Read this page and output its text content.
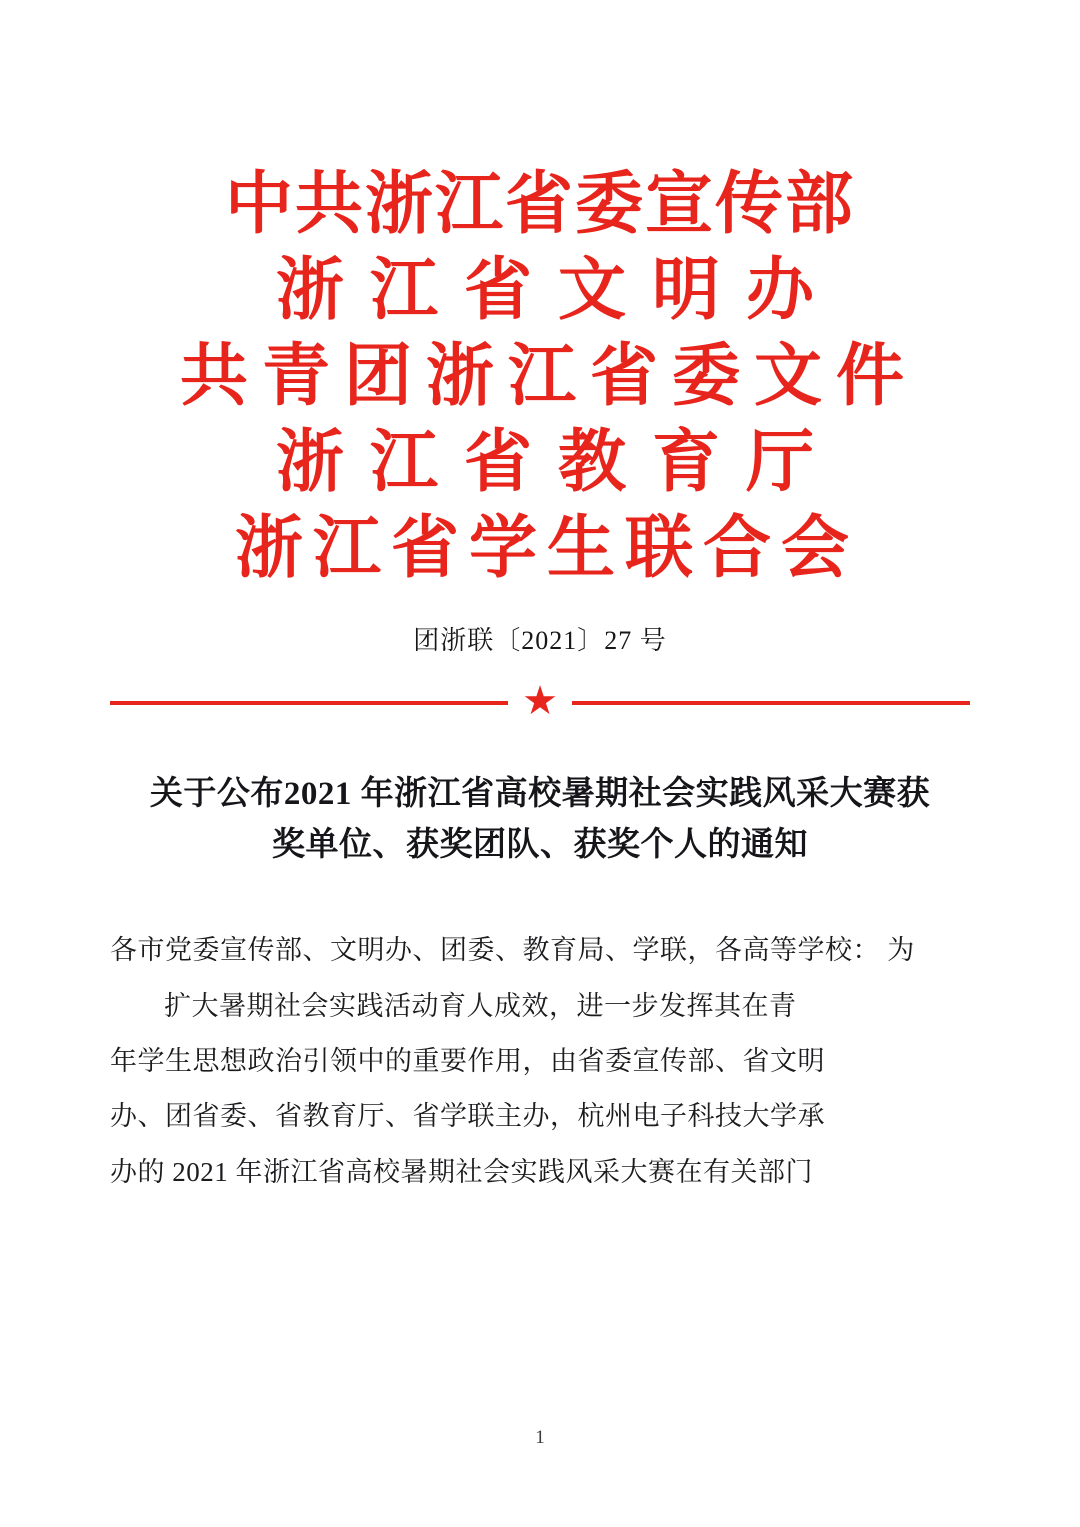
中共浙江省委宣传部
浙江省文明办
共青团浙江省委文件
浙江省教育厅
浙江省学生联合会
团浙联〔2021〕27 号
★
关于公布2021 年浙江省高校暑期社会实践风采大赛获奖单位、获奖团队、获奖个人的通知

各市党委宣传部、文明办、团委、教育局、学联，各高等学校： 为

扩大暑期社会实践活动育人成效，进一步发挥其在青

年学生思想政治引领中的重要作用，由省委宣传部、省文明

办、团省委、省教育厅、省学联主办，杭州电子科技大学承

办的 2021 年浙江省高校暑期社会实践风采大赛在有关部门

1
